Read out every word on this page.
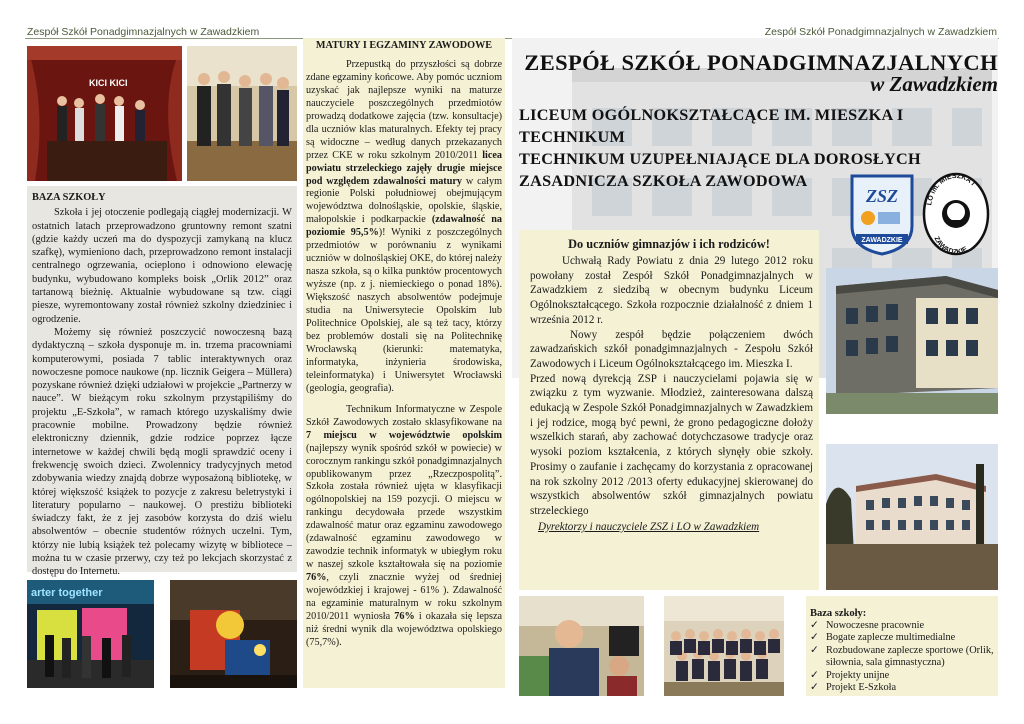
Zespół Szkół Ponadgimnazjalnych w Zawadzkiem	Zespół Szkół Ponadgimnazjalnych w Zawadzkiem
KICI KICI

BAZA SZKOŁY

Szkoła i jej otoczenie podlegają ciągłej modernizacji. W ostatnich latach przeprowadzono gruntowny remont szatni (gdzie każdy uczeń ma do dyspozycji zamykaną na klucz szafkę), wymieniono dach, przeprowadzono remont instalacji centralnego ogrzewania, ocieplono i odnowiono elewację budynku, wybudowano kompleks boisk „Orlik 2012” oraz tartanową bieżnię. Aktualnie wybudowane są tzw. ciągi piesze, wyremontowany został również szkolny dziedziniec i ogrodzenie.

Możemy się również poszczycić nowoczesną bazą dydaktyczną – szkoła dysponuje m. in. trzema pracowniami komputerowymi, posiada 7 tablic interaktywnych oraz nowoczesne pomoce naukowe (np. licznik Geigera – Müllera) pozyskane również dzięki udziałowi w projekcie „Partnerzy w nauce”. W bieżącym roku szkolnym przystąpiliśmy do projektu „E-Szkoła”, w ramach którego uzyskaliśmy dwie pracownie mobilne. Prowadzony będzie również elektroniczny dziennik, gdzie rodzice poprzez łącze internetowe w każdej chwili będą mogli sprawdzić oceny i frekwencję swoich dzieci. Zwolennicy tradycyjnych metod zdobywania wiedzy znajdą dobrze wyposażoną bibliotekę, w której większość książek to pozycje z zakresu beletrystyki i literatury popularno – naukowej. O prestiżu biblioteki świadczy fakt, że z jej zasobów korzysta do dziś wielu absolwentów – obecnie studentów różnych uczelni. Tym, którzy nie lubią książek też polecamy wizytę w bibliotece – można tu w czasie przerwy, czy też po lekcjach skorzystać z dostępu do Internetu.

arter together

MATURY I EGZAMINY ZAWODOWE

Przepustką do przyszłości są dobrze zdane egzaminy końcowe. Aby pomóc uczniom uzyskać jak najlepsze wyniki na maturze nauczyciele poszczególnych przedmiotów prowadzą dodatkowe zajęcia (tzw. konsultacje) dla uczniów klas maturalnych. Efekty tej pracy są widoczne – według danych przekazanych przez CKE w roku szkolnym 2010/2011 licea powiatu strzeleckiego zajęły drugie miejsce pod względem zdawalności matury w całym regionie Polski południowej obejmującym województwa dolnośląskie, opolskie, śląskie, małopolskie i podkarpackie (zdawalność na poziomie 95,5%)! Wyniki z poszczególnych przedmiotów w porównaniu z wynikami uczniów w dolnośląskiej OKE, do której należy nasza szkoła, są o kilka punktów procentowych wyższe (np. z j. niemieckiego o ponad 18%). Większość naszych absolwentów podejmuje studia na Uniwersytecie Opolskim lub Politechnice Opolskiej, ale są też tacy, którzy bez problemów dostali się na Politechnikę Wrocławską (kierunki: matematyka, informatyka, inżynieria środowiska, teleinformatyka) i Uniwersytet Wrocławski (geologia, geografia).

Technikum Informatyczne w Zespole Szkół Zawodowych zostało sklasyfikowane na 7 miejscu w województwie opolskim (najlepszy wynik spośród szkół w powiecie) w corocznym rankingu szkół ponadgimnazjalnych opublikowanym przez „Rzeczpospolitą”. Szkoła została również ujęta w klasyfikacji ogólnopolskiej na 159 pozycji. O miejscu w rankingu decydowała przede wszystkim zdawalność matur oraz egzaminu zawodowego (zdawalność egzaminu zawodowego w zawodzie technik informatyk w ubiegłym roku w naszej szkole kształtowała się na poziomie 76%, czyli znacznie wyżej od średniej wojewódzkiej i krajowej - 61% ). Zdawalność na egzaminie maturalnym w roku szkolnym 2010/2011 wyniosła 76% i okazała się lepsza niż średni wynik dla województwa opolskiego (75,7%).

ZESPÓŁ SZKÓŁ PONADGIMNAZJALNYCH
w Zawadzkiem
LICEUM OGÓLNOKSZTAŁCĄCE IM. MIESZKA I
TECHNIKUM
TECHNIKUM UZUPEŁNIAJĄCE DLA DOROSŁYCH
ZASADNICZA SZKOŁA ZAWODOWA
ZSZ
ZAWADZKIE
LO im. MIESZKA I
ZAWADZKIE
Do uczniów gimnazjów i ich rodziców!

Uchwałą Rady Powiatu z dnia 29 lutego 2012 roku powołany został Zespół Szkół Ponadgimnazjalnych w Zawadzkiem z siedzibą w obecnym budynku Liceum Ogólnokształcącego. Szkoła rozpocznie działalność z dniem 1 września 2012 r.

Nowy zespół będzie połączeniem dwóch zawadzańskich szkół ponadgimnazjalnych - Zespołu Szkół Zawodowych i Liceum Ogólnokształcącego im. Mieszka I.

Przed nową dyrekcją ZSP i nauczycielami pojawia się w związku z tym wyzwanie. Młodzież, zainteresowana dalszą edukacją w Zespole Szkół Ponadgimnazjalnych w Zawadzkiem i jej rodzice, mogą być pewni, że grono pedagogiczne dołoży wszelkich starań, aby zachować dotychczasowe tradycje oraz wysoki poziom kształcenia, z których słynęły obie szkoły. Prosimy o zaufanie i zachęcamy do korzystania z opracowanej na rok szkolny 2012 /2013 oferty edukacyjnej skierowanej do wszystkich absolwentów szkół gimnazjalnych powiatu strzeleckiego

Dyrektorzy i nauczyciele ZSZ i LO w Zawadzkiem

Baza szkoły:
✓ Nowoczesne pracownie
✓ Bogate zaplecze multimedialne
✓ Rozbudowane zaplecze sportowe (Orlik, siłownia, sala gimnastyczna)
✓ Projekty unijne
✓ Projekt E-Szkoła
